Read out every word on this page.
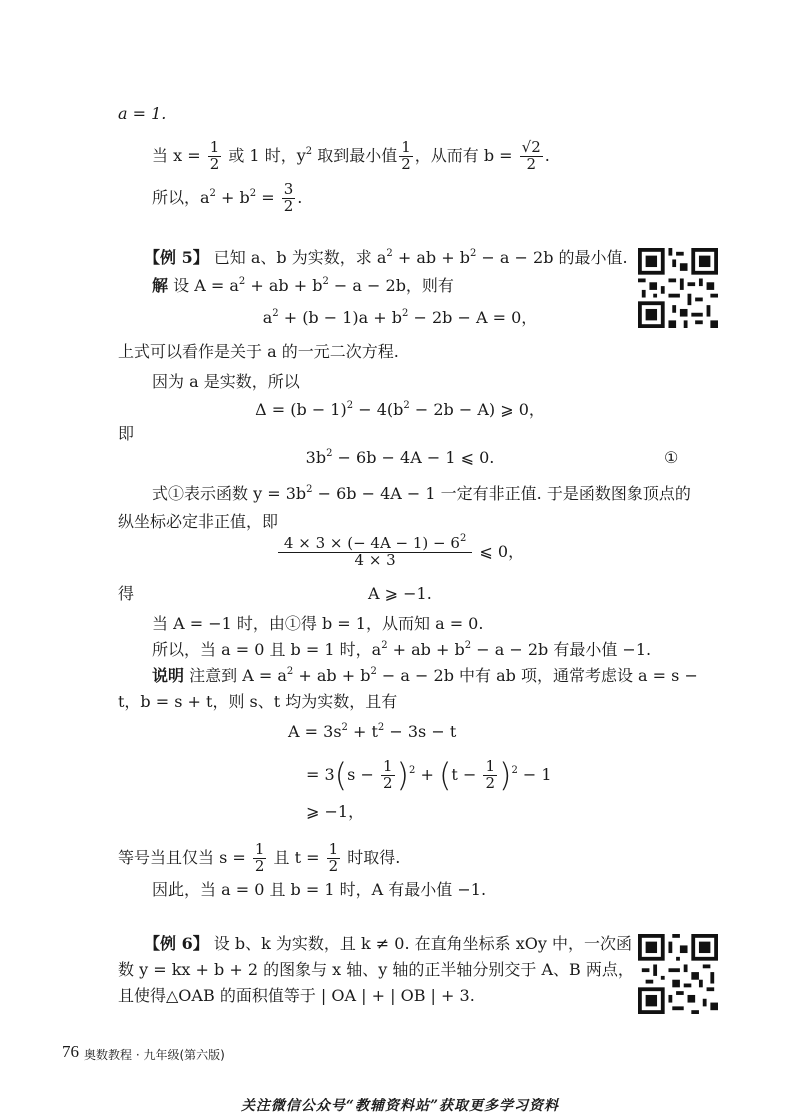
a = 1.
当 $x = \frac{1}{2}$ 或 1 时，$y^2$ 取到最小值 $\frac{1}{2}$ ，从而有 $b = \frac{√2}{2}$ .
所以，$a^2 + b^2 = \frac{3}{2}$ .
【例 5】 已知 a、b 为实数，求 $a^2$ + ab + $b^2 - a - 2b$ 的最小值.
解 设 $A = a^2$ + ab + $b^2 - a - 2b$，则有
$a^2 + (b - 1)a + b^2 - 2b - A = 0$，
上式可以看作是关于 a 的一元二次方程.
因为 a 是实数，所以
$\Delta = (b - 1)^2 - 4(b^2 - 2b - A)$ ⩾ 0，
即
$3b^2 - 6b - 4A - 1$ ⩽ 0.	①
式①表示函数 $y = 3b^2 - 6b - 4A - 1$ 一定有非正值. 于是函数图象顶点的
纵坐标必定非正值，即
$\frac{4 \times 3 \times (- 4A - 1) - 6^2}{4 \times 3}$ ⩽ 0，
得	A ⩾ −1.
当 A = −1 时，由①得 b = 1，从而知 a = 0.
所以，当 a = 0 且 b = 1 时，$a^2$ + ab + $b^2 - a - 2b$ 有最小值 −1.
说明 注意到 $A = a^2$ + ab + $b^2 - a - 2b$ 中有 ab 项，通常考虑设 a = s −
t，b = s + t，则 s、t 均为实数，且有
$A = 3s^2 + t^2 - 3s - t$
= $3(s - \frac{1}{2} )^2 + (t - \frac{1}{2} )^2 - 1$
⩾ −1，
等号当且仅当 $s = \frac{1}{2}$ 且 $t = \frac{1}{2}$ 时取得.
因此，当 a = 0 且 b = 1 时，A 有最小值 −1.
【例 6】 设 b、k 为实数，且 k ≠ 0. 在直角坐标系 xOy 中，一次函
数 y = kx + b + 2 的图象与 x 轴、y 轴的正半轴分别交于 A、B 两点，
且使得△OAB 的面积值等于 | OA | + | OB | + 3.
76 奥数教程 · 九年级(第六版)
关注微信公众号“教辅资料站”获取更多学习资料
